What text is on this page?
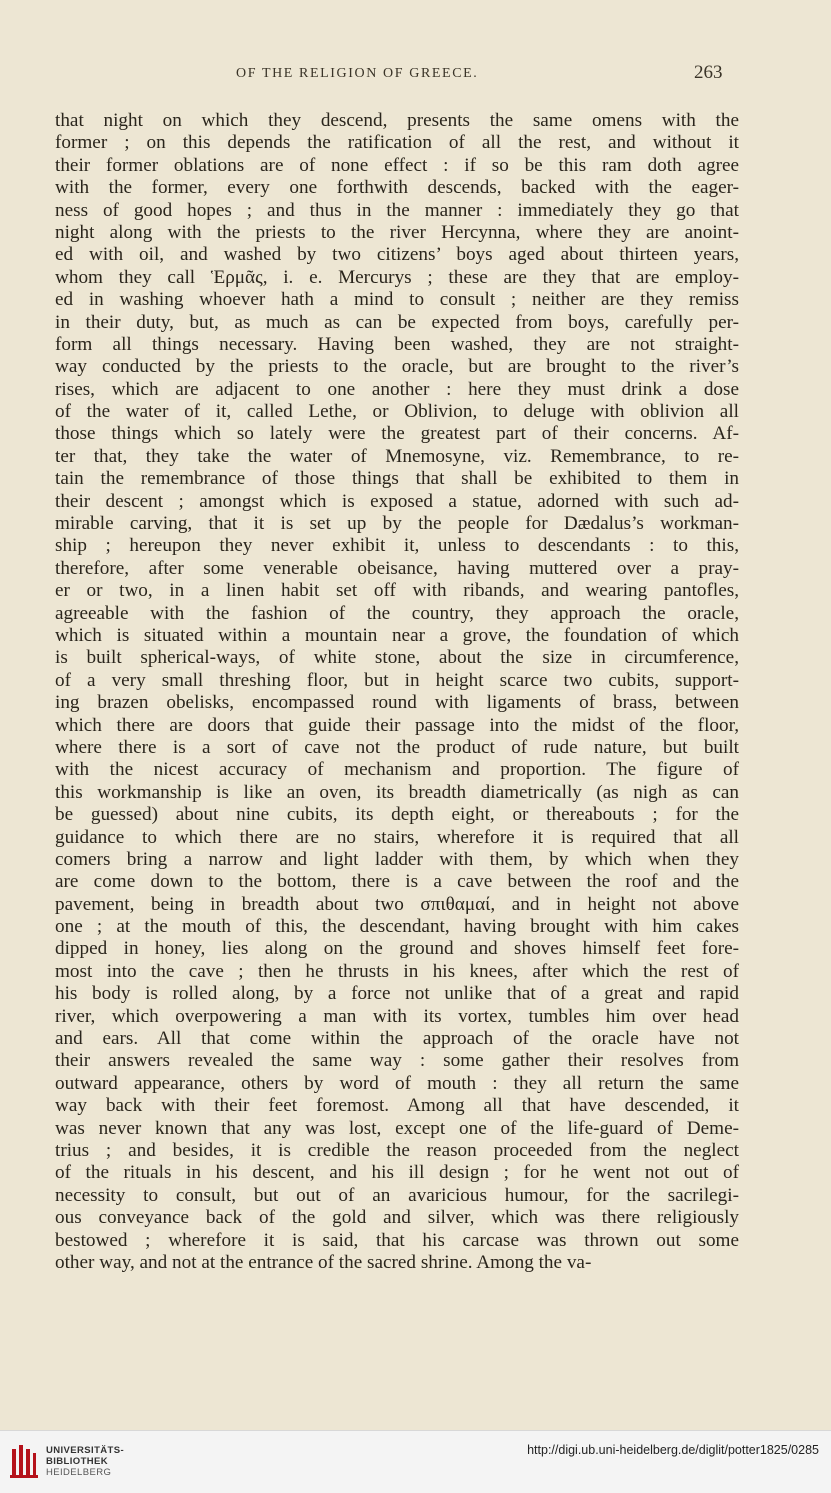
OF THE RELIGION OF GREECE.	263
that night on which they descend, presents the same omens with the
former ; on this depends the ratification of all the rest, and without it
their former oblations are of none effect : if so be this ram doth agree
with the former, every one forthwith descends, backed with the eager-
ness of good hopes ; and thus in the manner : immediately they go that
night along with the priests to the river Hercynna, where they are anoint-
ed with oil, and washed by two citizens’ boys aged about thirteen years,
whom they call Ἑρμᾶς, i. e. Mercurys ; these are they that are employ-
ed in washing whoever hath a mind to consult ; neither are they remiss
in their duty, but, as much as can be expected from boys, carefully per-
form all things necessary. Having been washed, they are not straight-
way conducted by the priests to the oracle, but are brought to the river’s
rises, which are adjacent to one another : here they must drink a dose
of the water of it, called Lethe, or Oblivion, to deluge with oblivion all
those things which so lately were the greatest part of their concerns. Af-
ter that, they take the water of Mnemosyne, viz. Remembrance, to re-
tain the remembrance of those things that shall be exhibited to them in
their descent ; amongst which is exposed a statue, adorned with such ad-
mirable carving, that it is set up by the people for Dædalus’s workman-
ship ; hereupon they never exhibit it, unless to descendants : to this,
therefore, after some venerable obeisance, having muttered over a pray-
er or two, in a linen habit set off with ribands, and wearing pantofles,
agreeable with the fashion of the country, they approach the oracle,
which is situated within a mountain near a grove, the foundation of which
is built spherical-ways, of white stone, about the size in circumference,
of a very small threshing floor, but in height scarce two cubits, support-
ing brazen obelisks, encompassed round with ligaments of brass, between
which there are doors that guide their passage into the midst of the floor,
where there is a sort of cave not the product of rude nature, but built
with the nicest accuracy of mechanism and proportion. The figure of
this workmanship is like an oven, its breadth diametrically (as nigh as can
be guessed) about nine cubits, its depth eight, or thereabouts ; for the
guidance to which there are no stairs, wherefore it is required that all
comers bring a narrow and light ladder with them, by which when they
are come down to the bottom, there is a cave between the roof and the
pavement, being in breadth about two σπιθαμαί, and in height not above
one ; at the mouth of this, the descendant, having brought with him cakes
dipped in honey, lies along on the ground and shoves himself feet fore-
most into the cave ; then he thrusts in his knees, after which the rest of
his body is rolled along, by a force not unlike that of a great and rapid
river, which overpowering a man with its vortex, tumbles him over head
and ears. All that come within the approach of the oracle have not
their answers revealed the same way : some gather their resolves from
outward appearance, others by word of mouth : they all return the same
way back with their feet foremost. Among all that have descended, it
was never known that any was lost, except one of the life-guard of Deme-
trius ; and besides, it is credible the reason proceeded from the neglect
of the rituals in his descent, and his ill design ; for he went not out of
necessity to consult, but out of an avaricious humour, for the sacrilegi-
ous conveyance back of the gold and silver, which was there religiously
bestowed ; wherefore it is said, that his carcase was thrown out some
other way, and not at the entrance of the sacred shrine. Among the va-
UNIVERSITÄTS-
BIBLIOTHEK
HEIDELBERG
http://digi.ub.uni-heidelberg.de/diglit/potter1825/0285
